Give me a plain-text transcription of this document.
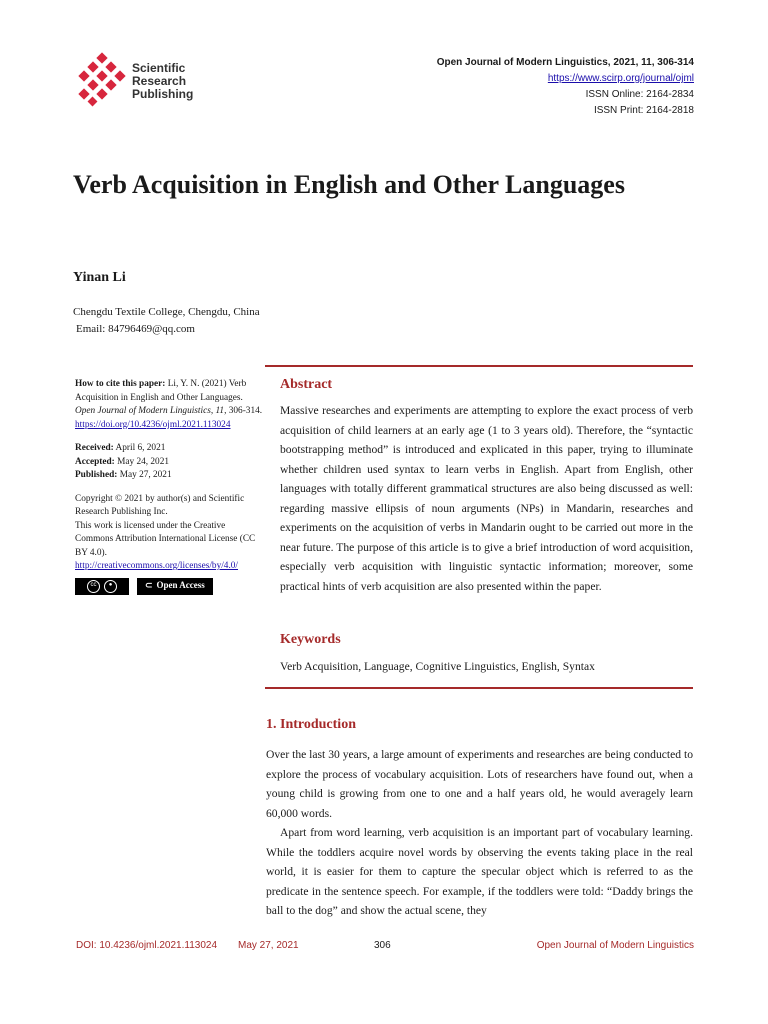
Scientific
Research
Publishing
Open Journal of Modern Linguistics, 2021, 11, 306-314
https://www.scirp.org/journal/ojml
ISSN Online: 2164-2834
ISSN Print: 2164-2818
Verb Acquisition in English and Other Languages
Yinan Li
Chengdu Textile College, Chengdu, China
Email: 84796469@qq.com

How to cite this paper: Li, Y. N. (2021) Verb Acquisition in English and Other Languages. Open Journal of Modern Linguistics, 11, 306-314.
https://doi.org/10.4236/ojml.2021.113024

Received: April 6, 2021
Accepted: May 24, 2021
Published: May 27, 2021

Copyright © 2021 by author(s) and Scientific Research Publishing Inc.
This work is licensed under the Creative Commons Attribution International License (CC BY 4.0).
http://creativecommons.org/licenses/by/4.0/

cc	●	⊂ Open Access
Abstract
Massive researches and experiments are attempting to explore the exact process of verb acquisition of child learners at an early age (1 to 3 years old). Therefore, the “syntactic bootstrapping method” is introduced and explicated in this paper, trying to illuminate whether children used syntax to learn verbs in English. Apart from English, other languages with totally different grammatical structures are also being discussed as well: regarding massive ellipsis of noun arguments (NPs) in Mandarin, researches and experiments on the acquisition of verbs in Mandarin ought to be carried out more in the near future. The purpose of this article is to give a brief introduction of word acquisition, especially verb acquisition with linguistic syntactic information; moreover, some practical hints of verb acquisition are also presented within the paper.
Keywords
Verb Acquisition, Language, Cognitive Linguistics, English, Syntax
1. Introduction
Over the last 30 years, a large amount of experiments and researches are being conducted to explore the process of vocabulary acquisition. Lots of researchers have found out, when a young child is growing from one to one and a half years old, he would averagely learn 60,000 words.
Apart from word learning, verb acquisition is an important part of vocabulary learning. While the toddlers acquire novel words by observing the events taking place in the real world, it is easier for them to capture the specular object which is referred to as the predicate in the sentence speech. For example, if the toddlers were told: “Daddy brings the ball to the dog” and show the actual scene, they
DOI: 10.4236/ojml.2021.113024 May 27, 2021	306	Open Journal of Modern Linguistics
